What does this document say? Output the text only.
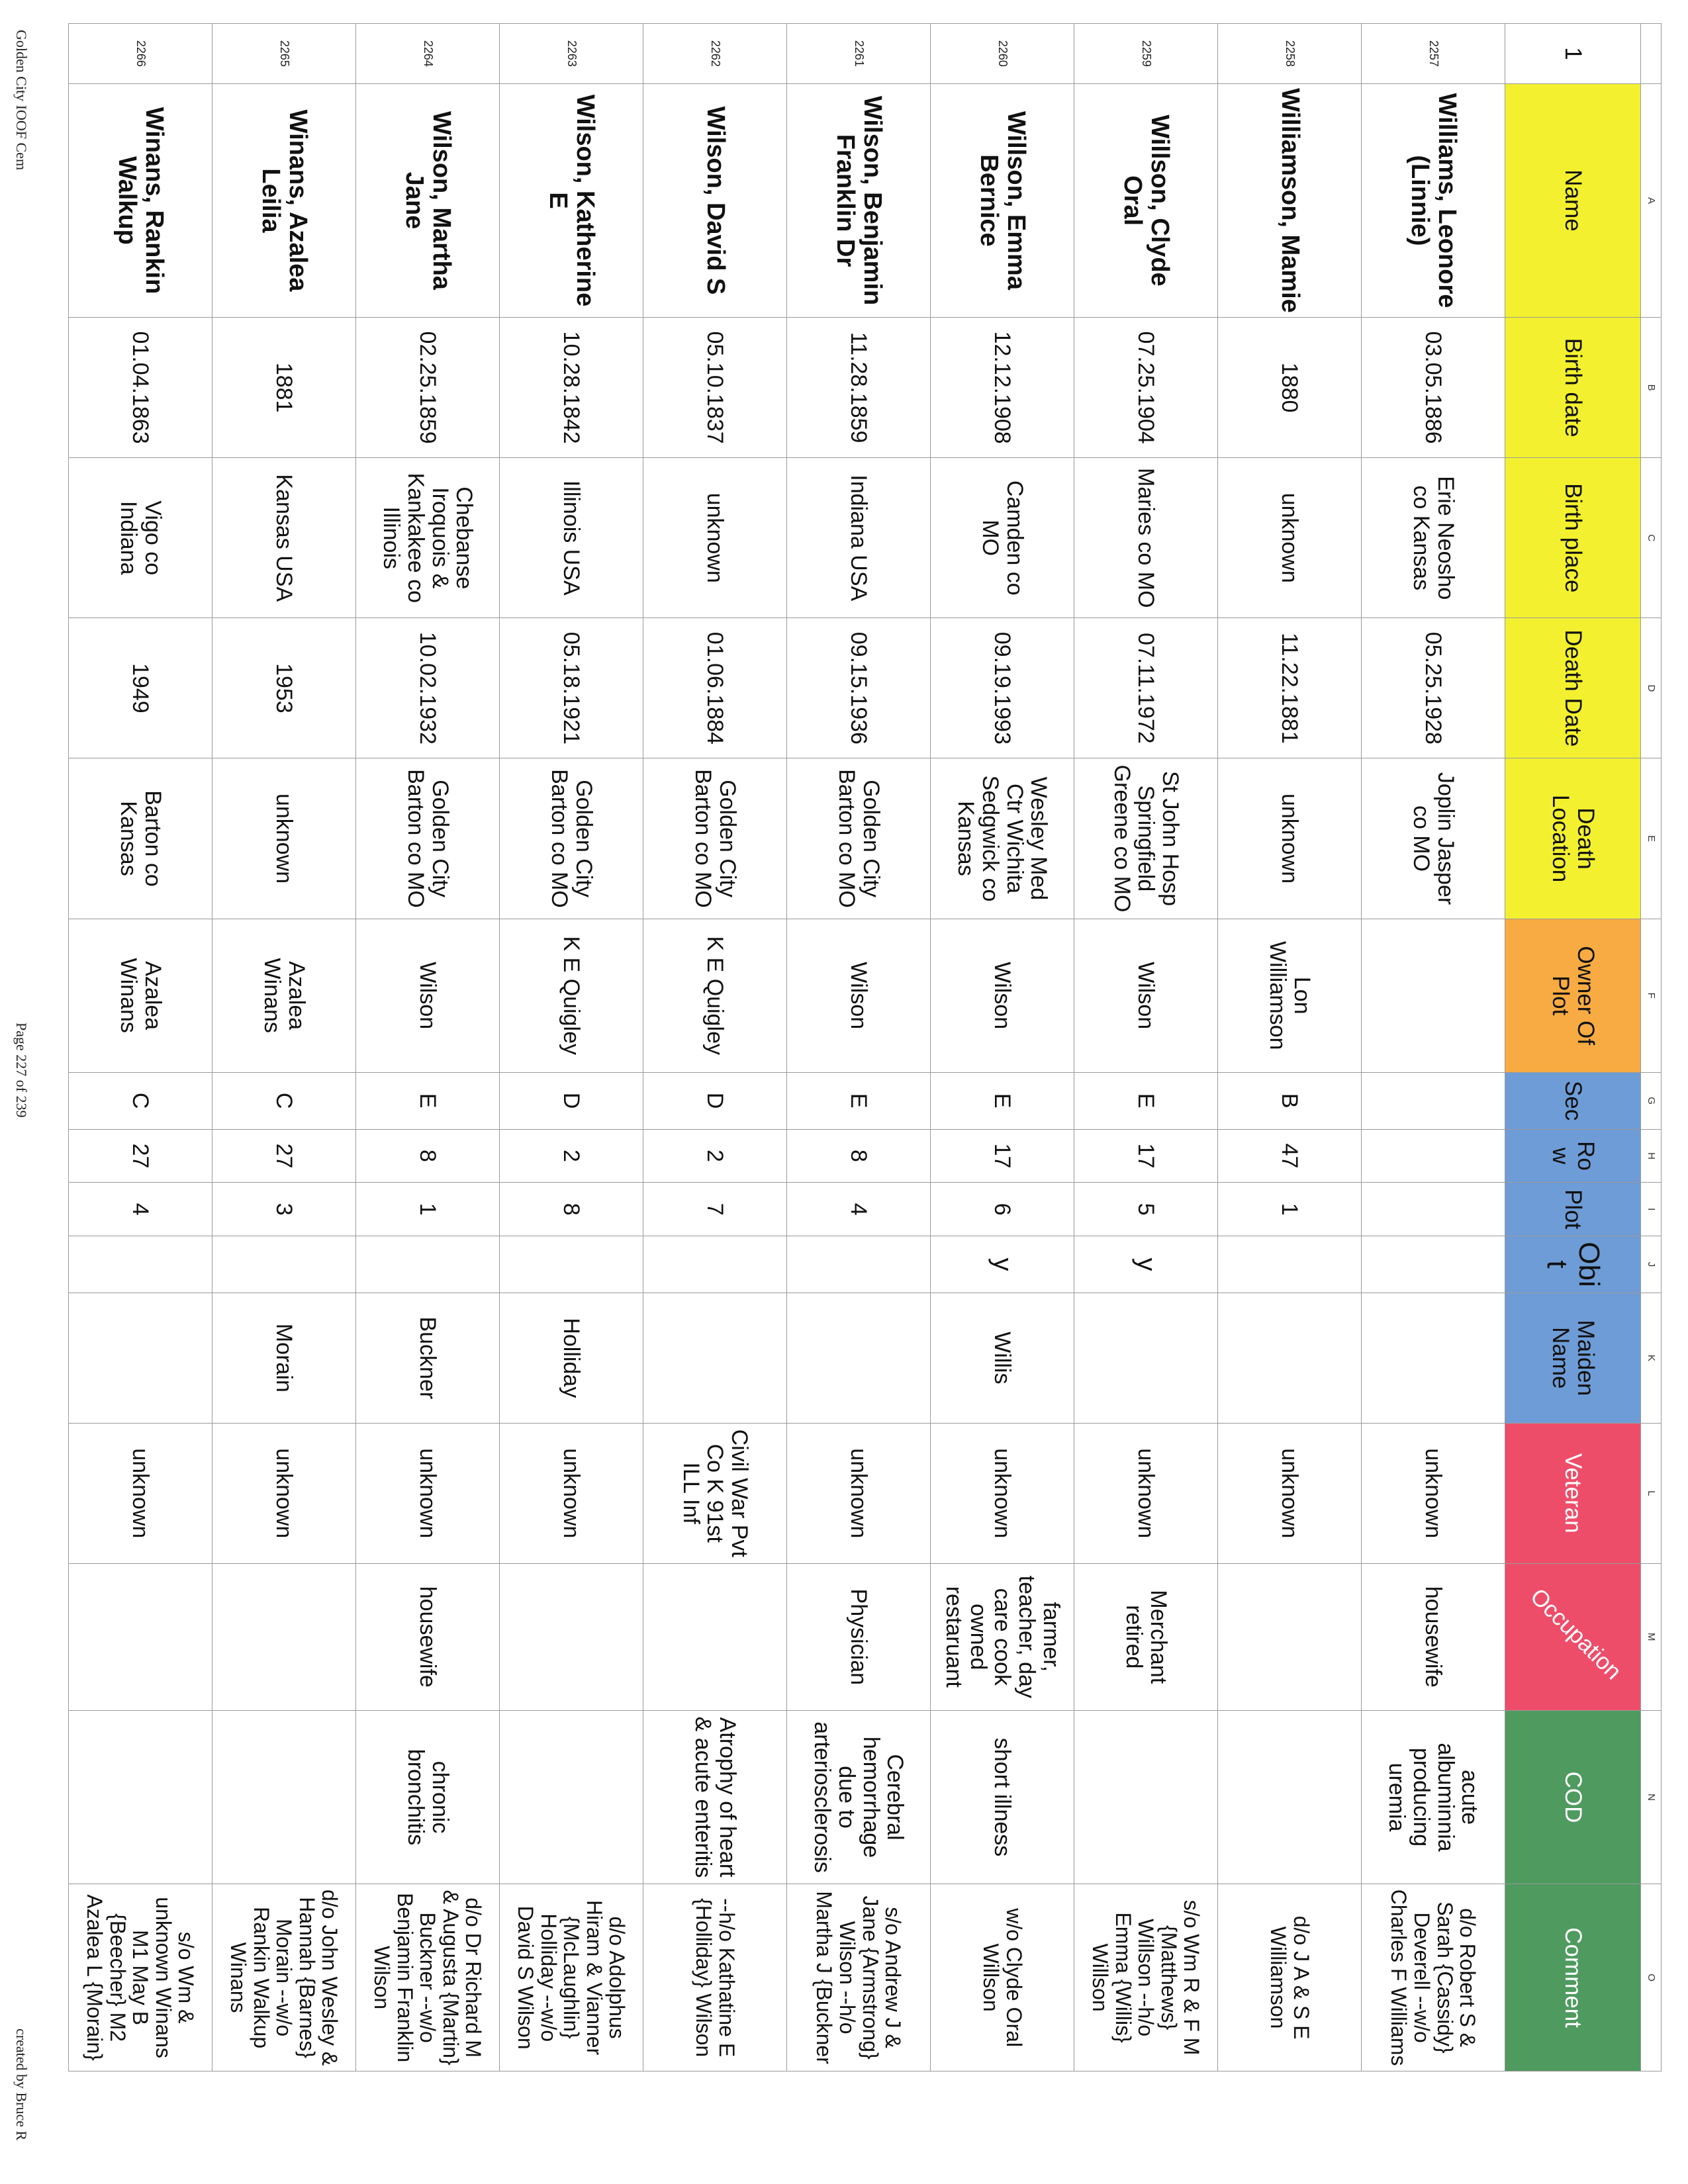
	A	B	C	D	E	F	G	H	I	J	K	L	M	N	O
1	Name	Birth date	Birth place	Death Date	Death Location	Owner Of Plot	Sec	Row	Plot	Obit	Maiden Name	Veteran	Occupation	COD	Comment
2257	Williams, Leonore (Linnie)	03.05.1886	Erie Neosho co Kansas	05.25.1928	Joplin Jasper co MO							unknown	housewife	acute albuminnia producing uremia	d/o Robert S & Sarah {Cassidy} Deverell --w/o Charles F Williams
2258	Williamson, Mamie	1880	unknown	11.22.1881	unknown	Lon Williamson	B	47	1			unknown			d/o J A & S E Williamson
2259	Willson, Clyde Oral	07.25.1904	Maries co MO	07.11.1972	St John Hosp Springfield Greene co MO	Wilson	E	17	5	y		unknown	Merchant retired		s/o Wm R & F M {Matthews} Willson --h/o Emma {Willis} Willson
2260	Willson, Emma Bernice	12.12.1908	Camden co MO	09.19.1993	Wesley Med Ctr Wichita Sedgwick co Kansas	Wilson	E	17	6	y	Willis	unknown	farmer, teacher, day care cook owned restaruant	short illness	w/o Clyde Oral Willson
2261	Wilson, Benjamin Franklin Dr	11.28.1859	Indiana USA	09.15.1936	Golden City Barton co MO	Wilson	E	8	4			unknown	Physician	Cerebral hemorrhage due to arteriosclerosis	s/o Andrew J & Jane {Armstrong} Wilson --h/o Martha J {Buckner
2262	Wilson, David S	05.10.1837	unknown	01.06.1884	Golden City Barton co MO	K E Quigley	D	2	7			Civil War Pvt Co K 91st ILL Inf		Atrophy of heart & acute enteritis	--h/o Kathatine E {Holliday} Wilson
2263	Wilson, Katherine E	10.28.1842	Illinois USA	05.18.1921	Golden City Barton co MO	K E Quigley	D	2	8		Holliday	unknown			d/o Adolphus Hiram & Vianner {McLaughlin} Holliday --w/o David S Wilson
2264	Wilson, Martha Jane	02.25.1859	Chebanse Iroquois & Kankakee co Illinois	10.02.1932	Golden City Barton co MO	Wilson	E	8	1		Buckner	unknown	housewife	chronic bronchitis	d/o Dr Richard M & Augusta {Martin} Buckner --w/o Benjamin Franklin Wilson
2265	Winans, Azalea Leilia	1881	Kansas USA	1953	unknown	Azalea Winans	C	27	3		Morain	unknown			d/o John Wesley & Hannah {Barnes} Morain --w/o Rankin Walkup Winans
2266	Winans, Rankin Walkup	01.04.1863	Vigo co Indiana	1949	Barton co Kansas	Azalea Winans	C	27	4			unknown			s/o Wm & unknown Winans M1 May B {Beecher} M2 Azalea L {Morain}
Golden City IOOF Cem
Page 227 of 239
created by Bruce R
